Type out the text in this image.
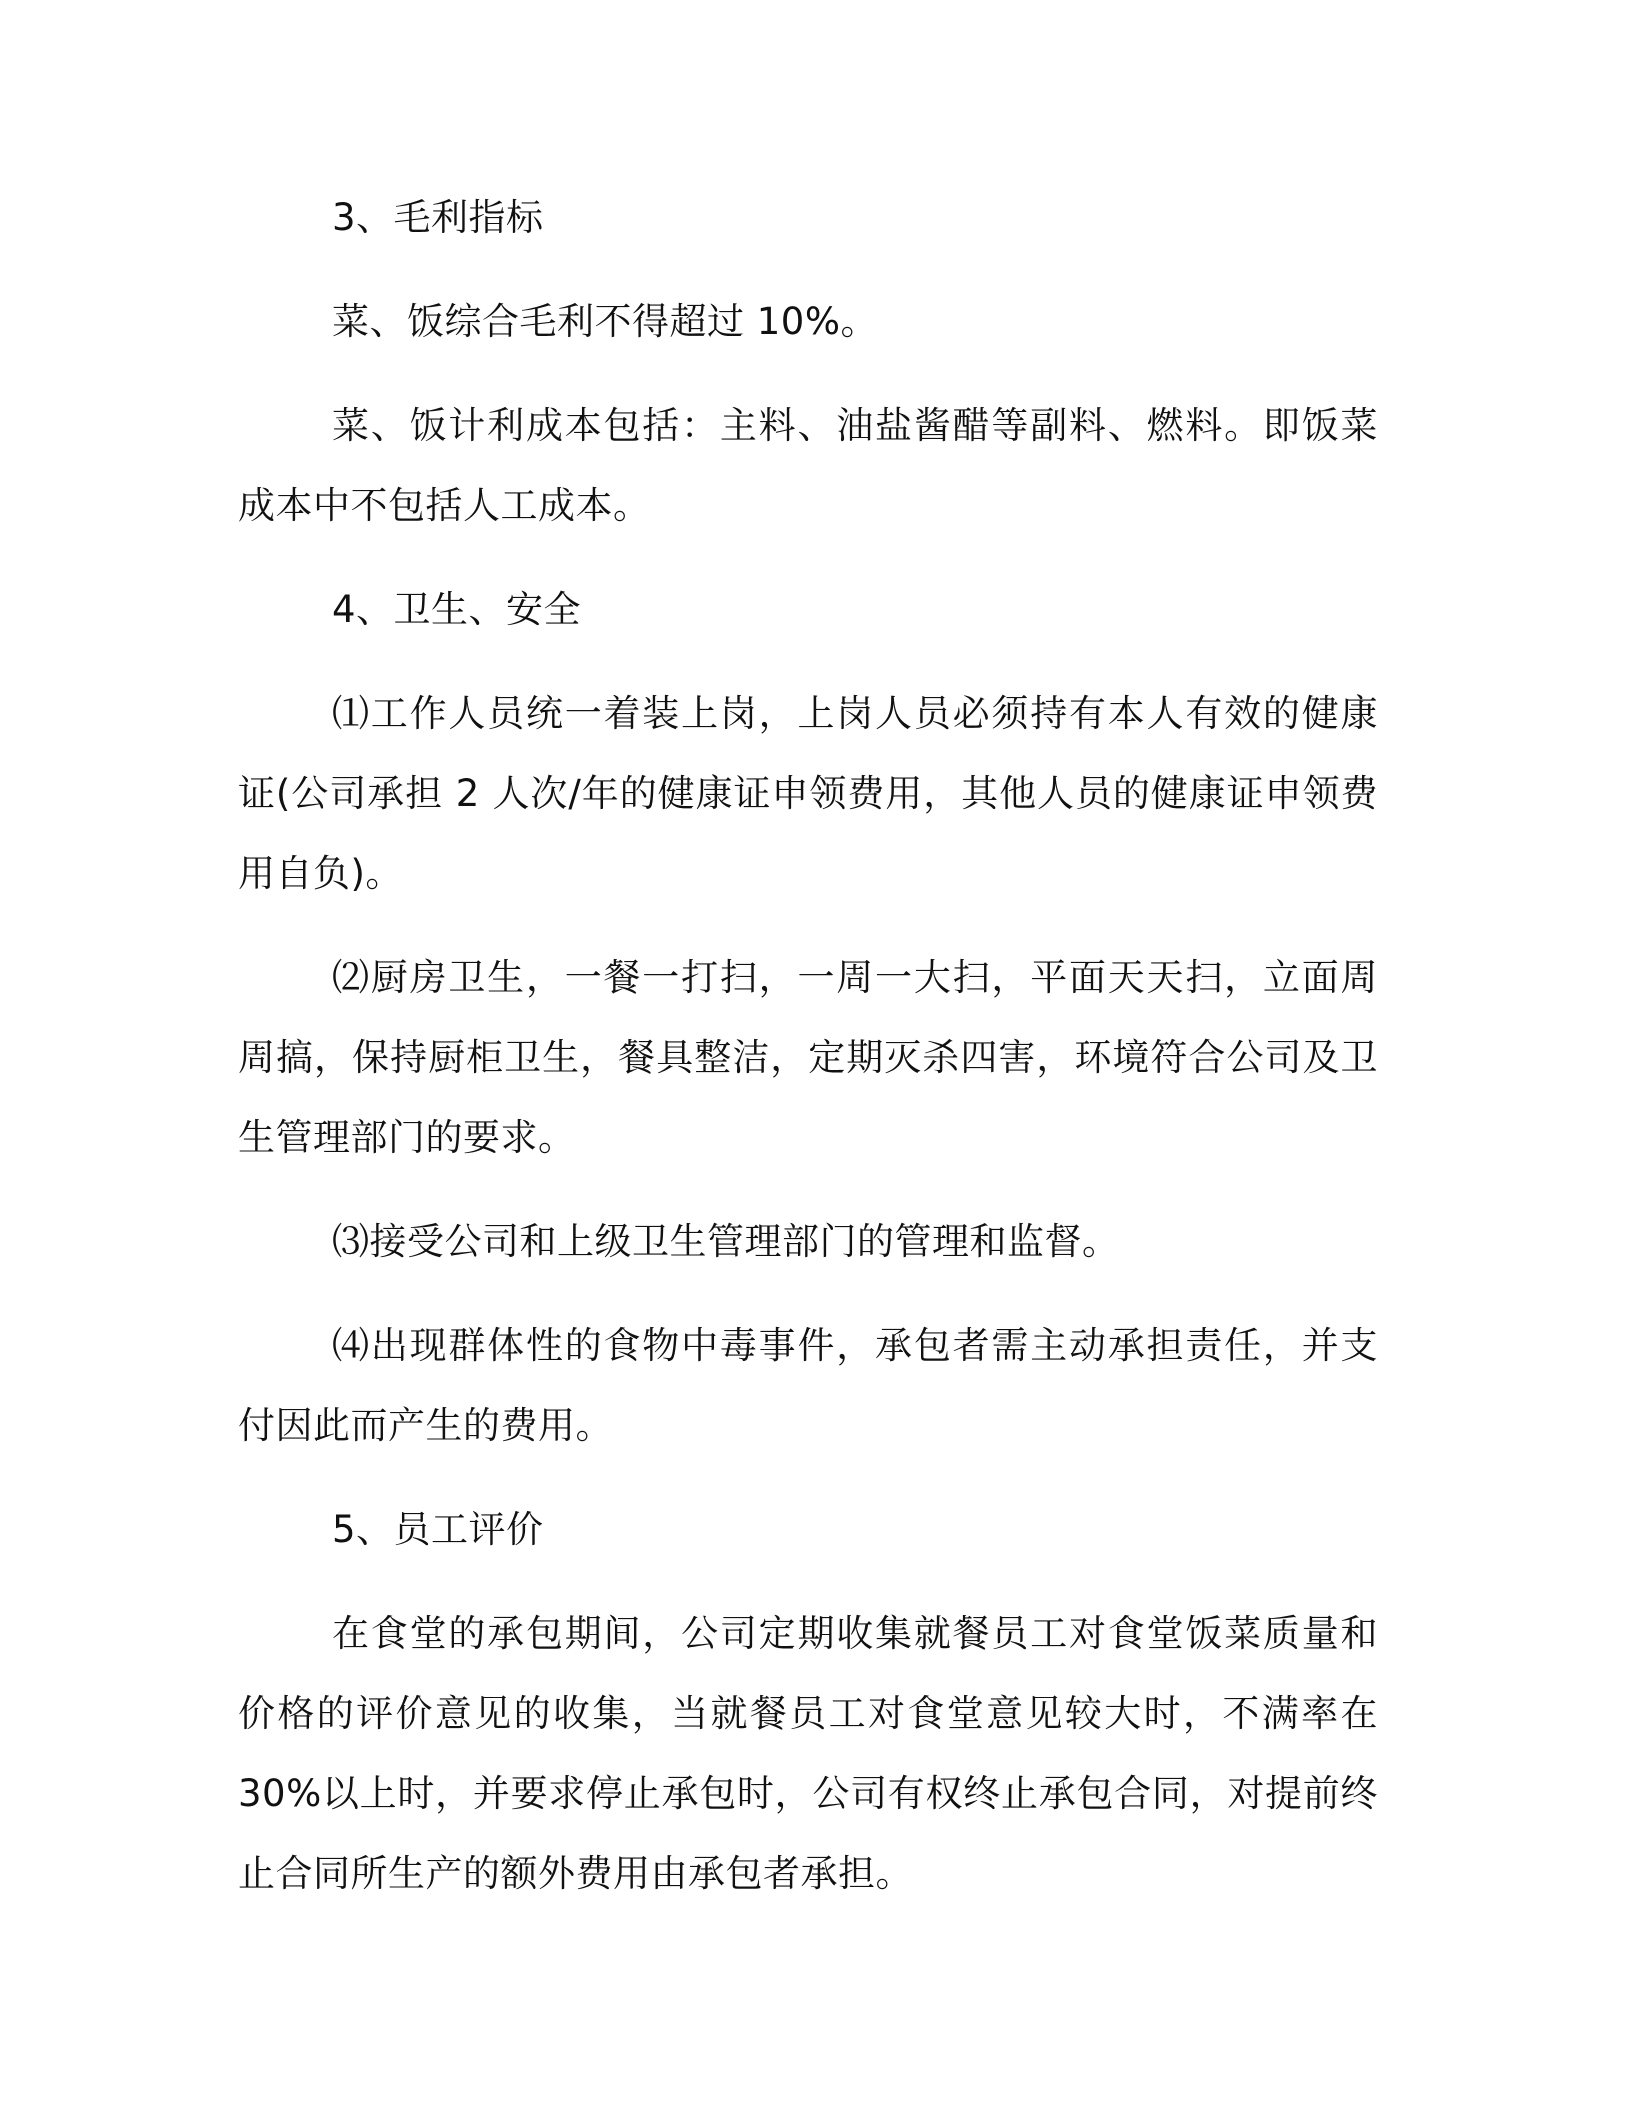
3、毛利指标

菜、饭综合毛利不得超过 10%。

菜、饭计利成本包括：主料、油盐酱醋等副料、燃料。即饭菜成本中不包括人工成本。

4、卫生、安全

⑴工作人员统一着装上岗，上岗人员必须持有本人有效的健康证(公司承担 2 人次/年的健康证申领费用，其他人员的健康证申领费用自负)。

⑵厨房卫生，一餐一打扫，一周一大扫，平面天天扫，立面周周搞，保持厨柜卫生，餐具整洁，定期灭杀四害，环境符合公司及卫生管理部门的要求。

⑶接受公司和上级卫生管理部门的管理和监督。

⑷出现群体性的食物中毒事件，承包者需主动承担责任，并支付因此而产生的费用。

5、员工评价

在食堂的承包期间，公司定期收集就餐员工对食堂饭菜质量和价格的评价意见的收集，当就餐员工对食堂意见较大时，不满率在 30%以上时，并要求停止承包时，公司有权终止承包合同，对提前终止合同所生产的额外费用由承包者承担。
